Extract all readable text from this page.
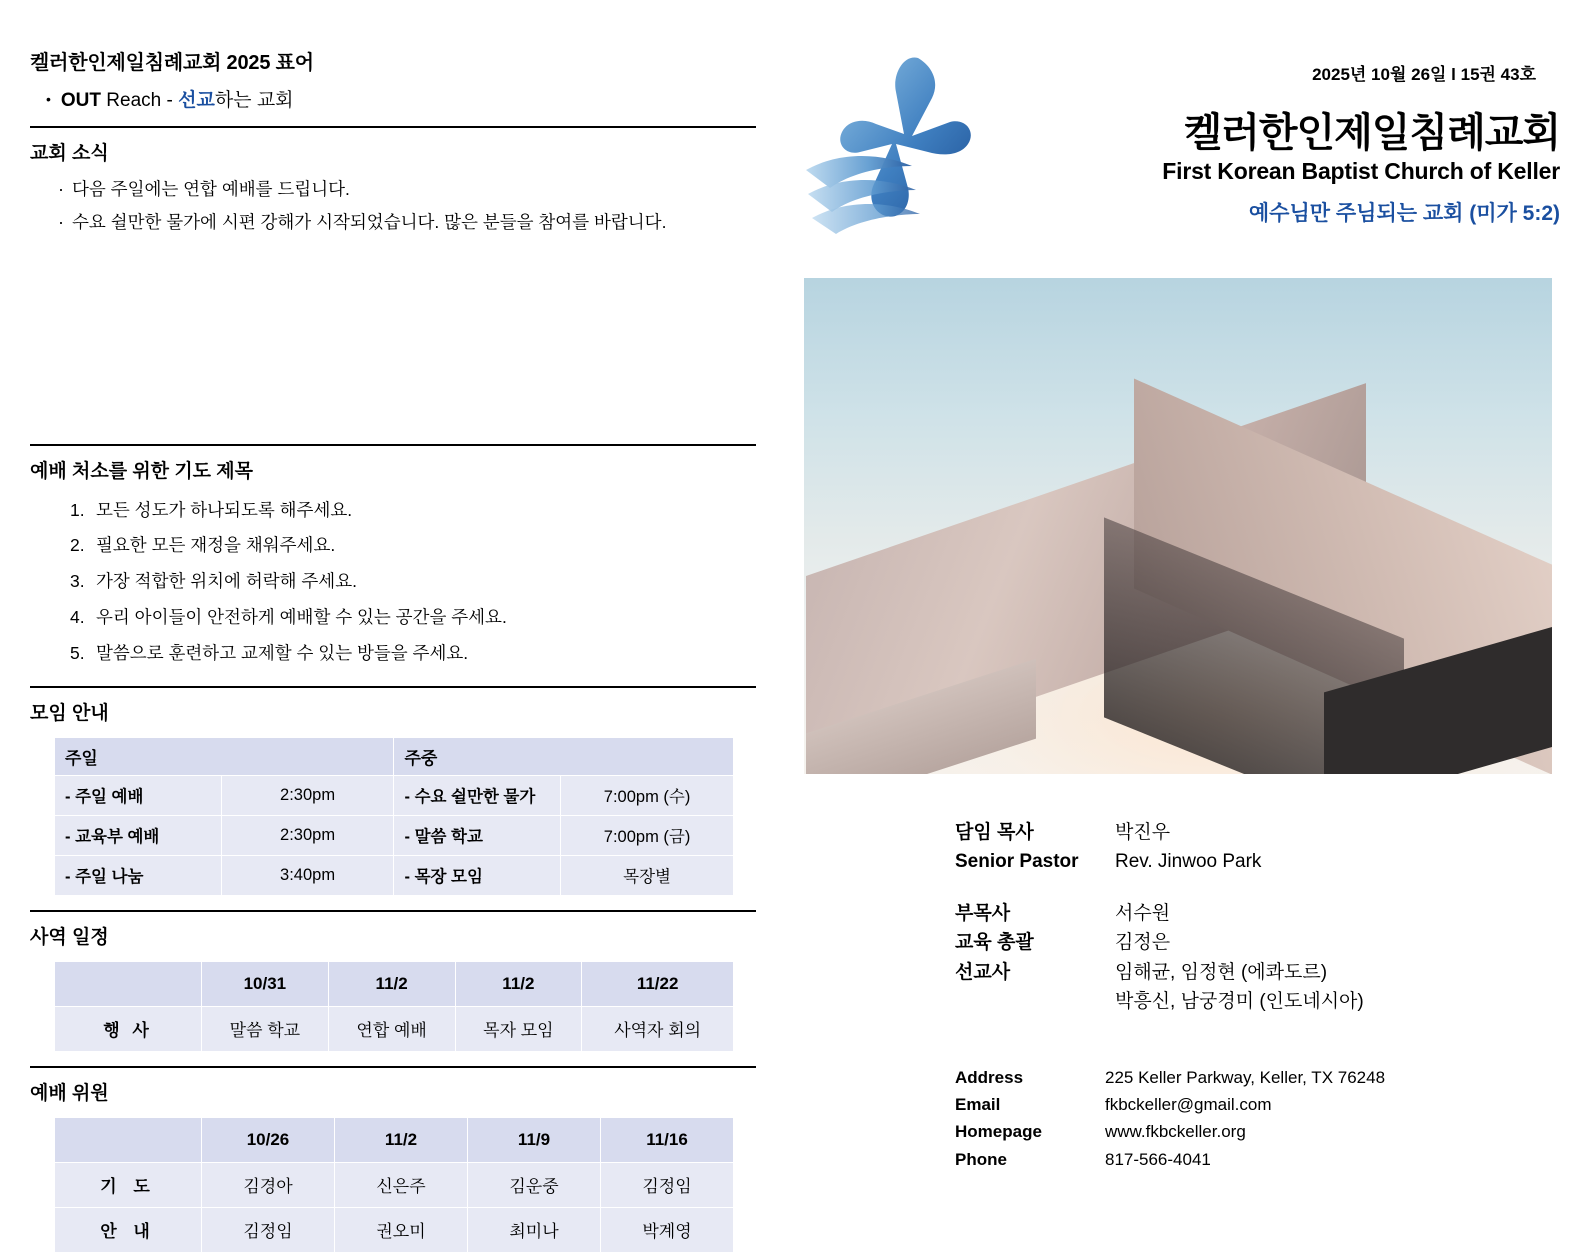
켈러한인제일침례교회 2025 표어
• OUT Reach - 선교하는 교회
교회 소식
· 다음 주일에는 연합 예배를 드립니다.
· 수요 쉴만한 물가에 시편 강해가 시작되었습니다. 많은 분들을 참여를 바랍니다.
예배 처소를 위한 기도 제목
모든 성도가 하나되도록 해주세요.
필요한 모든 재정을 채워주세요.
가장 적합한 위치에 허락해 주세요.
우리 아이들이 안전하게 예배할 수 있는 공간을 주세요.
말씀으로 훈련하고 교제할 수 있는 방들을 주세요.
모임 안내
주일		주중	
- 주일 예배	2:30pm	- 수요 쉴만한 물가	7:00pm (수)
- 교육부 예배	2:30pm	- 말씀 학교	7:00pm (금)
- 주일 나눔	3:40pm	- 목장 모임	목장별
사역 일정
	10/31	11/2	11/2	11/22
행 사	말씀 학교	연합 예배	목자 모임	사역자 회의
예배 위원
	10/26	11/2	11/9	11/16
기 도	김경아	신은주	김운중	김정임
안 내	김정임	권오미	최미나	박계영
2025년 10월 26일 l 15권 43호
켈러한인제일침례교회
First Korean Baptist Church of Keller
예수님만 주님되는 교회 (미가 5:2)
담임 목사	박진우
Senior Pastor	Rev. Jinwoo Park
부목사	서수원
교육 총괄	김정은
선교사	임해균, 임정현 (에콰도르)
박흥신, 남궁경미 (인도네시아)
Address	225 Keller Parkway, Keller, TX 76248
Email	fkbckeller@gmail.com
Homepage	www.fkbckeller.org
Phone	817-566-4041
